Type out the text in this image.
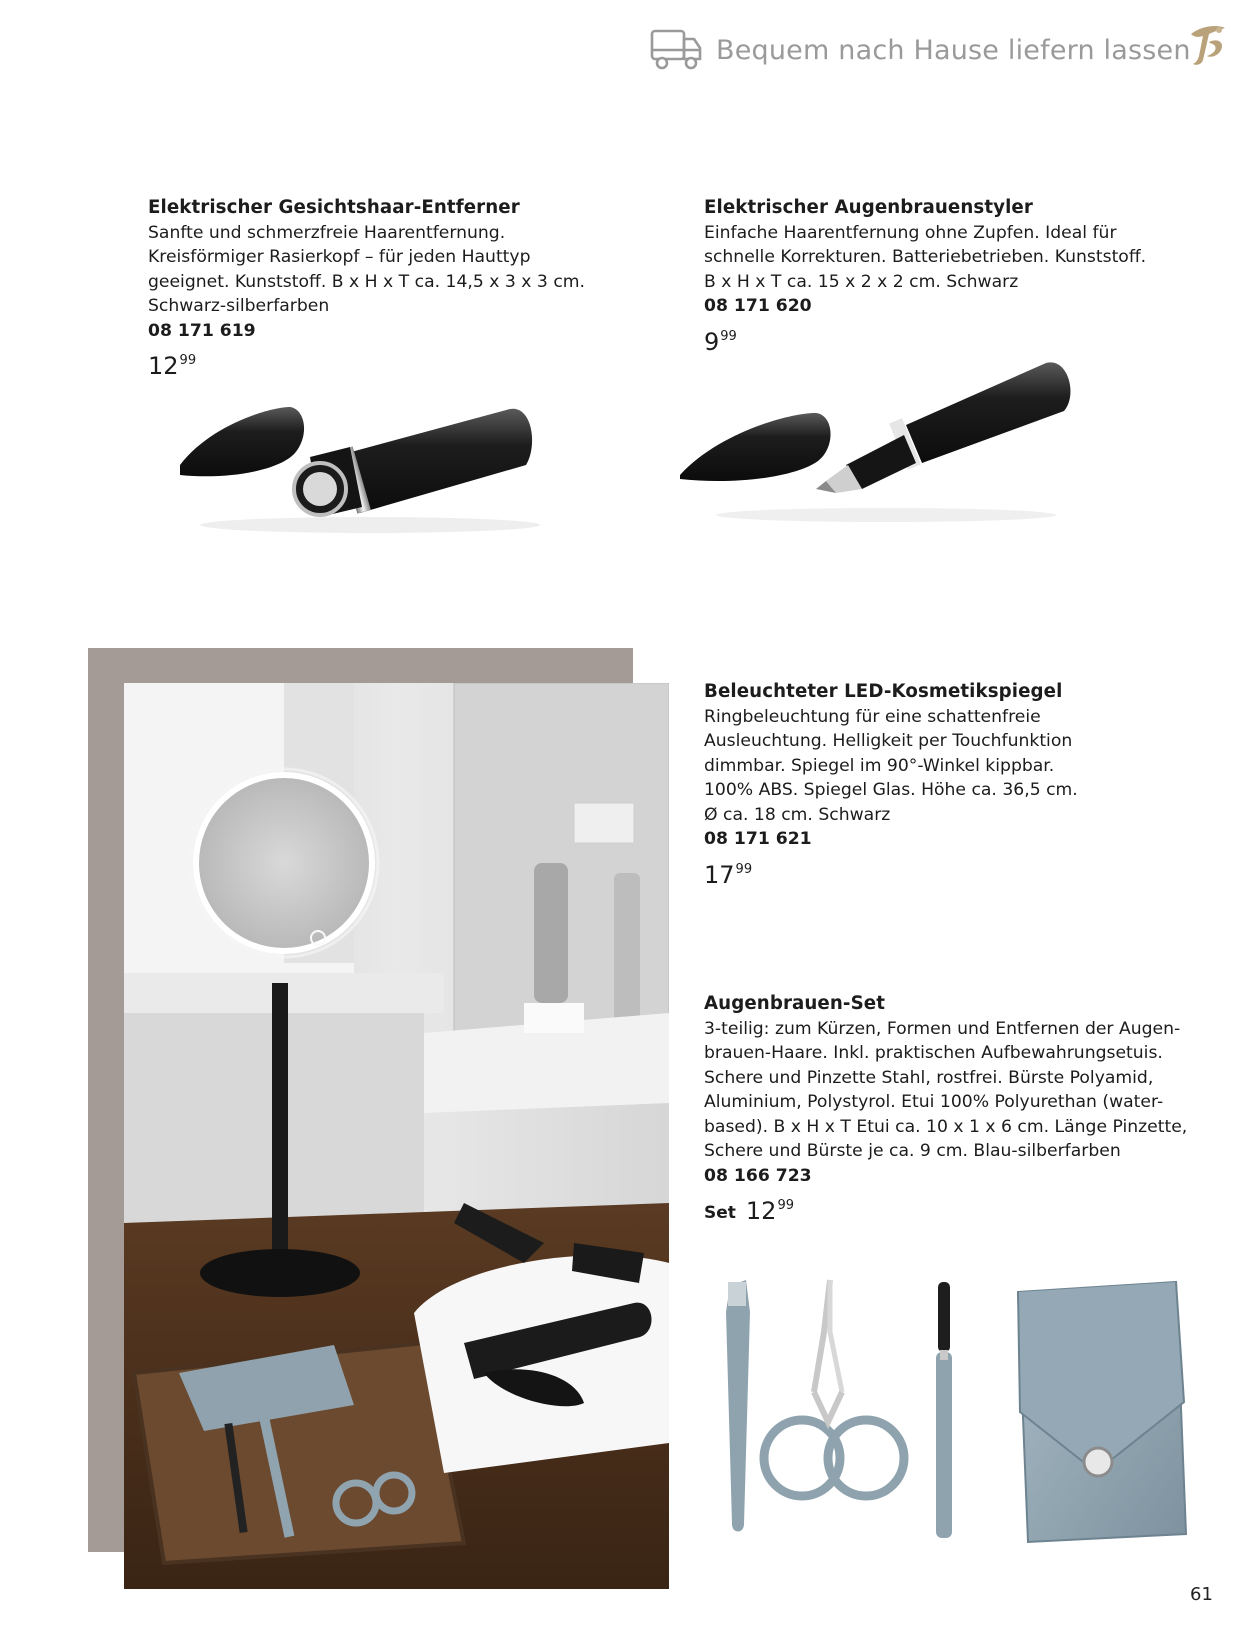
Bequem nach Hause liefern lassen
Elektrischer Gesichtshaar-Entferner
Sanfte und schmerzfreie Haarentfernung.
Kreisförmiger Rasierkopf – für jeden Hauttyp
geeignet. Kunststoff. B x H x T ca. 14,5 x 3 x 3 cm.
Schwarz-silberfarben
08 171 619
$12^{99}$
Elektrischer Augenbrauenstyler
Einfache Haarentfernung ohne Zupfen. Ideal für
schnelle Korrekturen. Batteriebetrieben. Kunststoff.
B x H x T ca. 15 x 2 x 2 cm. Schwarz
08 171 620
$9^{99}$
Beleuchteter LED-Kosmetikspiegel
Ringbeleuchtung für eine schattenfreie
Ausleuchtung. Helligkeit per Touchfunktion
dimmbar. Spiegel im 90°-Winkel kippbar.
100% ABS. Spiegel Glas. Höhe ca. 36,5 cm.
Ø ca. 18 cm. Schwarz
08 171 621
$17^{99}$
Augenbrauen-Set
3-teilig: zum Kürzen, Formen und Entfernen der Augen-
brauen-Haare. Inkl. praktischen Aufbewahrungsetuis.
Schere und Pinzette Stahl, rostfrei. Bürste Polyamid,
Aluminium, Polystyrol. Etui 100% Polyurethan (water-
based). B x H x T Etui ca. 10 x 1 x 6 cm. Länge Pinzette,
Schere und Bürste je ca. 9 cm. Blau-silberfarben
08 166 723
Set $12^{99}$
61
